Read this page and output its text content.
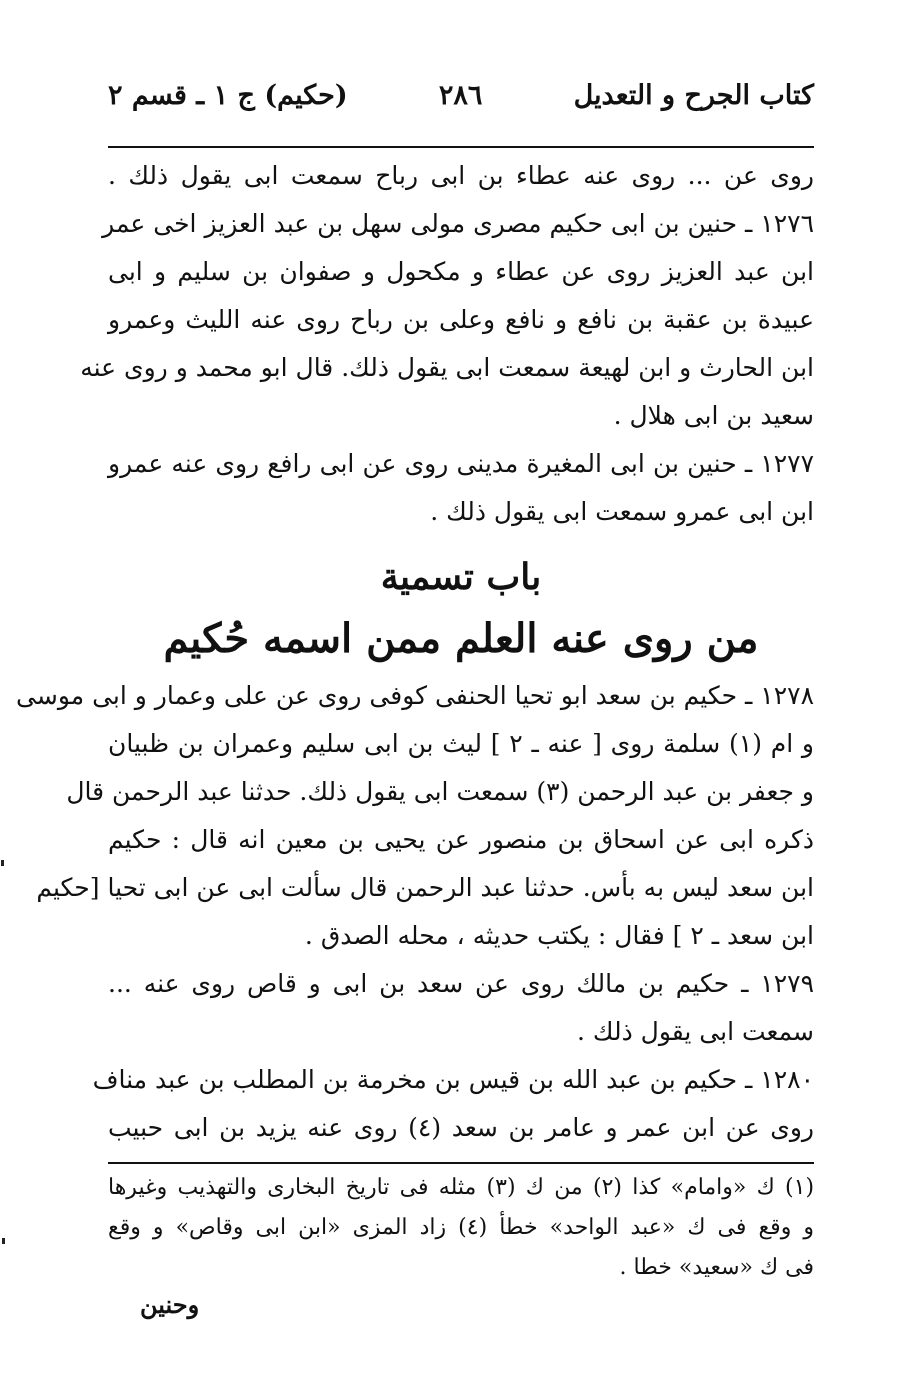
كتاب الجرح و التعديل
٢٨٦
(حكيم) ج ١ ـ قسم ٢
روى عن ... روى عنه عطاء بن ابى رباح سمعت ابى يقول ذلك .
١٢٧٦ ـ حنين بن ابى حكيم مصرى مولى سهل بن عبد العزيز اخى عمر
ابن عبد العزيز روى عن عطاء و مكحول و صفوان بن سليم و ابى
عبيدة بن عقبة بن نافع و نافع وعلى بن رباح روى عنه الليث وعمرو
ابن الحارث و ابن لهيعة سمعت ابى يقول ذلك. قال ابو محمد و روى عنه
سعيد بن ابى هلال .
١٢٧٧ ـ حنين بن ابى المغيرة مدينى روى عن ابى رافع روى عنه عمرو
ابن ابى عمرو سمعت ابى يقول ذلك .
باب تسمية
من روى عنه العلم ممن اسمه حُكيم
١٢٧٨ ـ حكيم بن سعد ابو تحيا الحنفى كوفى روى عن على وعمار و ابى موسى
و ام (١) سلمة روى [ عنه ـ ٢ ] ليث بن ابى سليم وعمران بن ظبيان
و جعفر بن عبد الرحمن (٣) سمعت ابى يقول ذلك. حدثنا عبد الرحمن قال
ذكره ابى عن اسحاق بن منصور عن يحيى بن معين انه قال : حكيم
ابن سعد ليس به بأس. حدثنا عبد الرحمن قال سألت ابى عن ابى تحيا [حكيم
ابن سعد ـ ٢ ] فقال : يكتب حديثه ، محله الصدق .
١٢٧٩ ـ حكيم بن مالك روى عن سعد بن ابى و قاص روى عنه ...
سمعت ابى يقول ذلك .
١٢٨٠ ـ حكيم بن عبد الله بن قيس بن مخرمة بن المطلب بن عبد مناف
روى عن ابن عمر و عامر بن سعد (٤) روى عنه يزيد بن ابى حبيب
(١) ك «وامام» كذا (٢) من ك (٣) مثله فى تاريخ البخارى والتهذيب وغيرها
و وقع فى ك «عبد الواحد» خطأ (٤) زاد المزى «ابن ابى وقاص» و وقع
فى ك «سعيد» خطا .
وحنين
